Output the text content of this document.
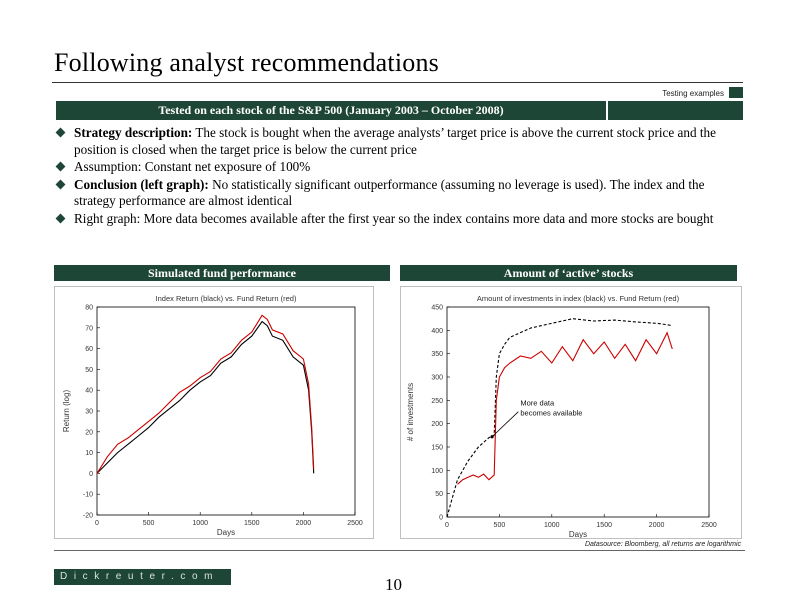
Following analyst recommendations
Testing examples
Tested on each stock of the S&P 500 (January 2003 – October 2008)
Strategy description: The stock is bought when the average analysts’ target price is above the current stock price and the position is closed when the target price is below the current price
Assumption: Constant net exposure of 100%
Conclusion (left graph): No statistically significant outperformance (assuming no leverage is used). The index and the strategy performance are almost identical
Right graph: More data becomes available after the first year so the index contains more data and more stocks are bought
Simulated fund performance	Amount of ‘active’ stocks
Index Return (black) vs. Fund Return (red)
Days
Return (log)
0	500	1000	1500	2000	2500
80
70
60
50
40
30
20
10
0
-10
-20
Amount of investments in index (black) vs. Fund Return (red)
Days
# of investments
0	500	1000	1500	2000	2500
450
400
350
300
250
200
150
100
50
0
More data
becomes available
Datasource: Bloomberg, all returns are logarithmic
Dickreuter.com	10
